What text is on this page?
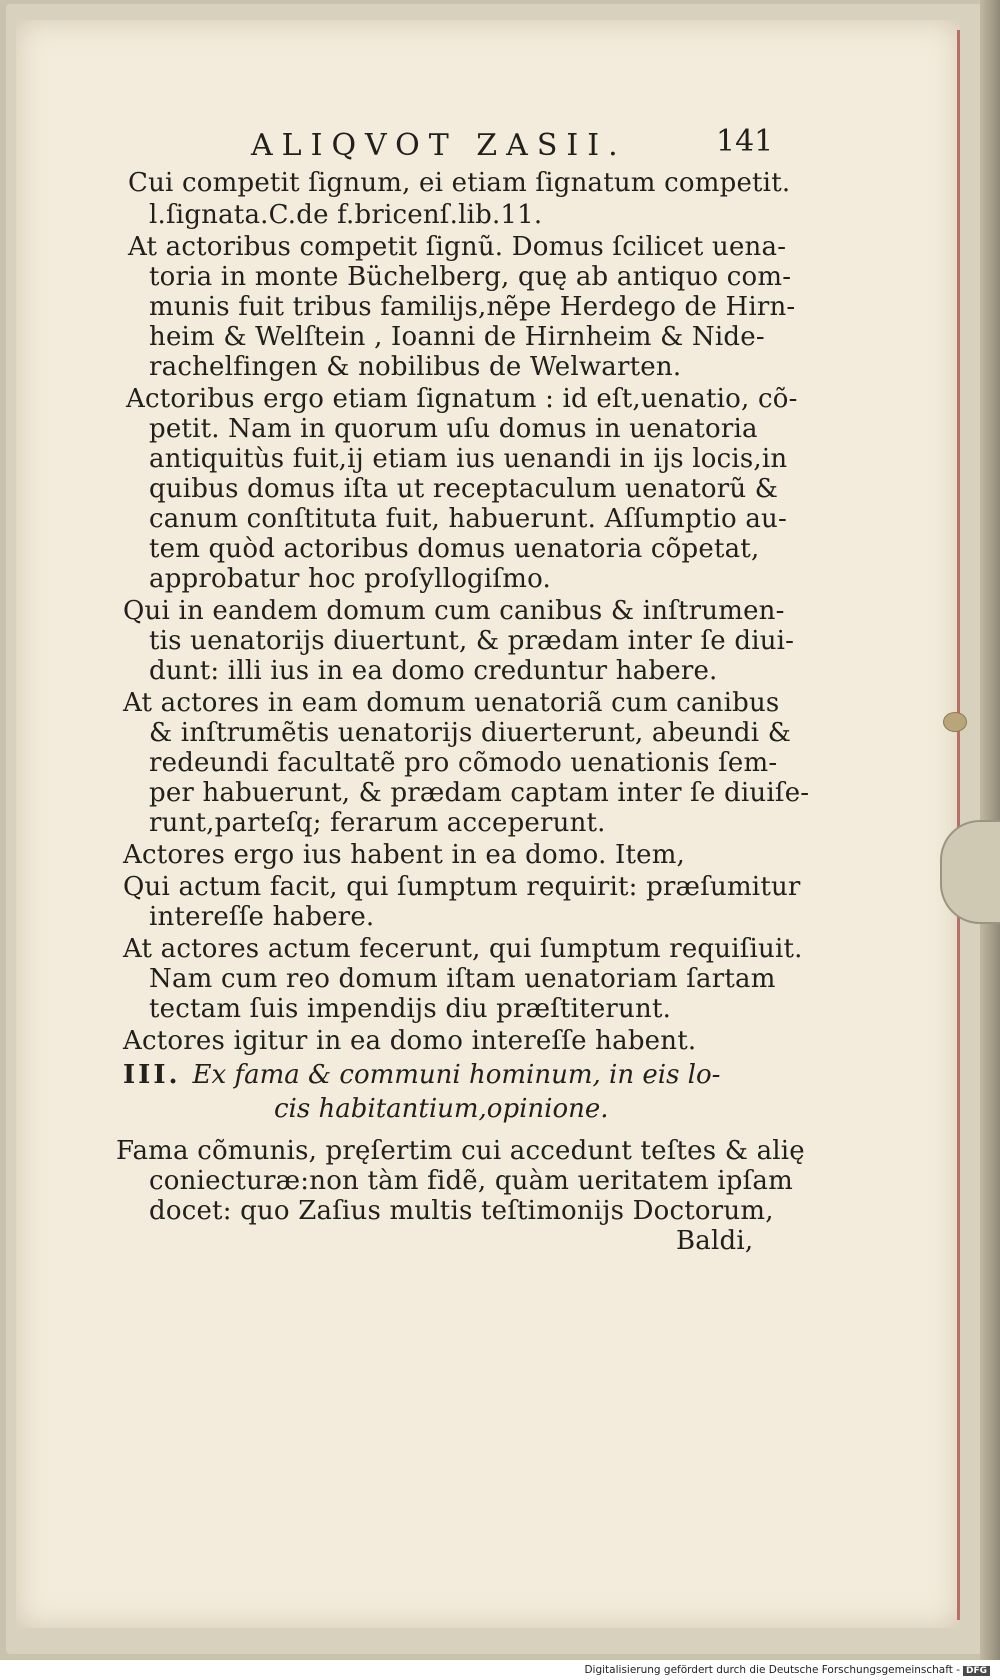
ALIQVOT ZASII.	141
Cui competit ſignum, ei etiam ſignatum competit.
l.ſignata.C.de f.bricenſ.lib.11.
At actoribus competit ſignũ. Domus ſcilicet uena-
toria in monte Büchelberg, quę ab antiquo com-
munis fuit tribus familijs,nẽpe Herdego de Hirn-
heim & Welſtein , Ioanni de Hirnheim & Nide-
rachelfingen & nobilibus de Welwarten.
Actoribus ergo etiam ſignatum : id eſt,uenatio, cõ-
petit. Nam in quorum uſu domus in uenatoria
antiquitùs fuit,ij etiam ius uenandi in ijs locis,in
quibus domus iſta ut receptaculum uenatorũ &
canum conſtituta fuit, habuerunt. Aſſumptio au-
tem quòd actoribus domus uenatoria cõpetat,
approbatur hoc proſyllogiſmo.
Qui in eandem domum cum canibus & inſtrumen-
tis uenatorijs diuertunt, & prædam inter ſe diui-
dunt: illi ius in ea domo creduntur habere.
At actores in eam domum uenatoriã cum canibus
& inſtrumẽtis uenatorijs diuerterunt, abeundi &
redeundi facultatẽ pro cõmodo uenationis ſem-
per habuerunt, & prædam captam inter ſe diuiſe-
runt,parteſq; ferarum acceperunt.
Actores ergo ius habent in ea domo. Item,
Qui actum facit, qui ſumptum requirit: præſumitur
intereſſe habere.
At actores actum fecerunt, qui ſumptum requiſiuit.
Nam cum reo domum iſtam uenatoriam ſartam
tectam ſuis impendijs diu præſtiterunt.
Actores igitur in ea domo intereſſe habent.
III. Ex fama & communi hominum, in eis lo-
cis habitantium,opinione.
Fama cõmunis, pręſertim cui accedunt teſtes & alię
coniecturæ:non tàm fidẽ, quàm ueritatem ipſam
docet: quo Zaſius multis teſtimonijs Doctorum,
Baldi,
Digitalisierung gefördert durch die Deutsche Forschungsgemeinschaft - DFG
